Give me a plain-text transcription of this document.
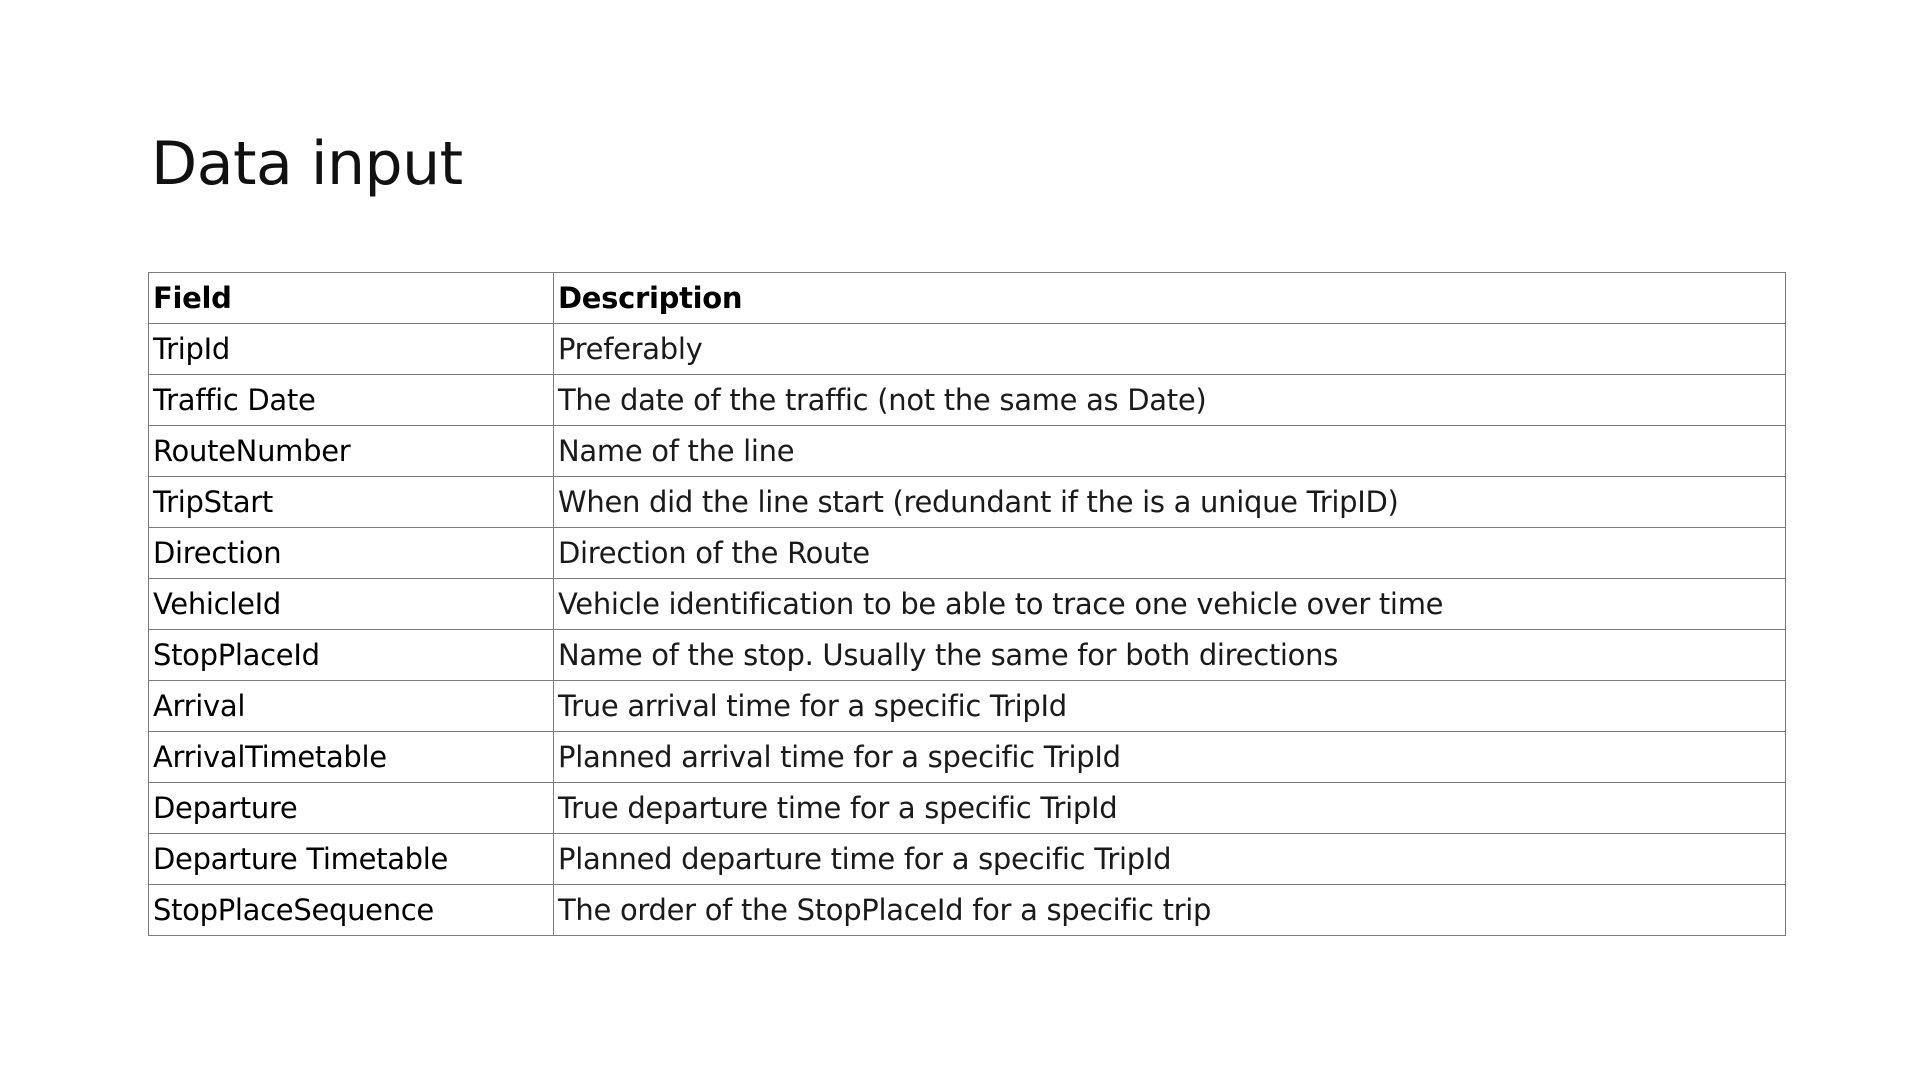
Data input
Field	Description
TripId	Preferably
Traffic Date	The date of the traffic (not the same as Date)
RouteNumber	Name of the line
TripStart	When did the line start (redundant if the is a unique TripID)
Direction	Direction of the Route
VehicleId	Vehicle identification to be able to trace one vehicle over time
StopPlaceId	Name of the stop. Usually the same for both directions
Arrival	True arrival time for a specific TripId
ArrivalTimetable	Planned arrival time for a specific TripId
Departure	True departure time for a specific TripId
Departure Timetable	Planned departure time for a specific TripId
StopPlaceSequence	The order of the StopPlaceId for a specific trip
